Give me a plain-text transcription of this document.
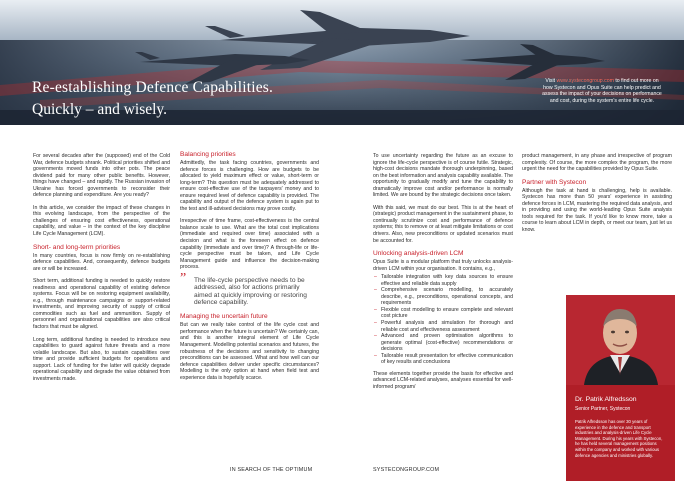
Re-establishing Defence Capabilities.
Quickly – and wisely.
Visit www.systecongroup.com to find out more on how Systecon and Opus Suite can help predict and assess the impact of your decisions on performance and cost, during the system's entire life cycle.

For several decades after the (supposed) end of the Cold War, defence budgets shrank. Political priorities shifted and governments moved funds into other pots. The peace dividend paid for many other public benefits. However, things have changed – and rapidly. The Russian invasion of Ukraine has forced governments to reconsider their defence planning and expenditure. Are you ready?

In this article, we consider the impact of these changes in this evolving landscape, from the perspective of the challenges of ensuring cost effectiveness, operational capability, and value – in the context of the key discipline Life Cycle Management (LCM).

Short- and long-term priorities

In many countries, focus is now firmly on re-establishing defence capabilities. And, consequently, defence budgets are or will be increased.

Short term, additional funding is needed to quickly restore readiness and operational capability of existing defence systems. Focus will be on restoring equipment availability, e.g., through maintenance campaigns or support-related investments, and improving security of supply of critical commodities such as fuel and ammunition. Supply of personnel and organisational capabilities are also critical factors that must be aligned.

Long term, additional funding is needed to introduce new capabilities to guard against future threats and a more volatile landscape. But also, to sustain capabilities over time and provide sufficient budgets for operations and support. Lack of funding for the latter will quickly degrade operational capability and degrade the value obtained from investments made.

Balancing priorities

Admittedly, the task facing countries, governments and defence forces is challenging. How are budgets to be allocated to yield maximum effect or value, short-term or long-term? This question must be adequately addressed to ensure cost-effective use of the taxpayers' money and to ensure required level of defence capability is provided. The capability and output of the defence system is again put to the test and ill-advised decisions may prove costly.

Irrespective of time frame, cost-effectiveness is the central balance scale to use. What are the total cost implications (immediate and required over time) associated with a decision and what is the foreseen effect on defence capability (immediate and over time)? A through-life or life-cycle perspective must be taken, and Life Cycle Management guide and influence the decision-making process.

” The life-cycle perspective needs to be addressed, also for actions primarily aimed at quickly improving or restoring defence capability.
Managing the uncertain future

But can we really take control of the life cycle cost and performance when the future is uncertain? We certainly can, and this is another integral element of Life Cycle Management. Modelling potential scenarios and futures, the robustness of the decisions and sensitivity to changing preconditions can be assessed. What and how well can our defence capabilities deliver under specific circumstances? Modelling is the only option at hand when field test and experience data is hopefully scarce.

To use uncertainty regarding the future as an excuse to ignore the life-cycle perspective is of course futile. Strategic, high-cost decisions mandate thorough underpinning, based on the best information and analysis capability available. The opportunity to gradually modify and tune the capability to dramatically improve cost and/or performance is normally limited. We are bound by the strategic decisions once taken.

With this said, we must do our best. This is at the heart of (strategic) product management in the sustainment phase, to continually scrutinize cost and performance of defence systems; this to remove or at least mitigate limitations or cost drivers. Also, new preconditions or updated scenarios must be accounted for.

Unlocking analysis-driven LCM

Opus Suite is a modular platform that truly unlocks analysis-driven LCM within your organisation. It contains, e.g.,

– Tailorable integration with key data sources to ensure effective and reliable data supply
– Comprehensive scenario modelling, to accurately describe, e.g., preconditions, operational concepts, and requirements
– Flexible cost modelling to ensure complete and relevant cost picture
– Powerful analysis and simulation for thorough and reliable cost and effectiveness assessment
– Advanced and proven optimisation algorithms to generate optimal (cost-effective) recommendations or decisions
– Tailorable result presentation for effective communication of key results and conclusions

These elements together provide the basis for effective and advanced LCM-related analyses, analyses essential for well-informed program/

product management, in any phase and irrespective of program complexity. Of course, the more complex the program, the more urgent the need for the capabilities provided by Opus Suite.

Partner with Systecon

Although the task at hand is challenging, help is available. Systecon has more than 50 years' experience in assisting defence forces in LCM, mastering the required data analysis, and in providing and using the world-leading Opus Suite analysis tools required for the task. If you'd like to know more, take a course to learn about LCM in depth, or meet our team, just let us know.

Dr. Patrik Alfredsson
Senior Partner, Systecon
Patrik Alfredsson has over 30 years of experience in the defence and transport industries and analysis-driven Life Cycle Management. During his years with Systecon, he has held several management positions within the company and worked with various defence agencies and ministries globally.
IN SEARCH OF THE OPTIMUM	SYSTECONGROUP.COM
